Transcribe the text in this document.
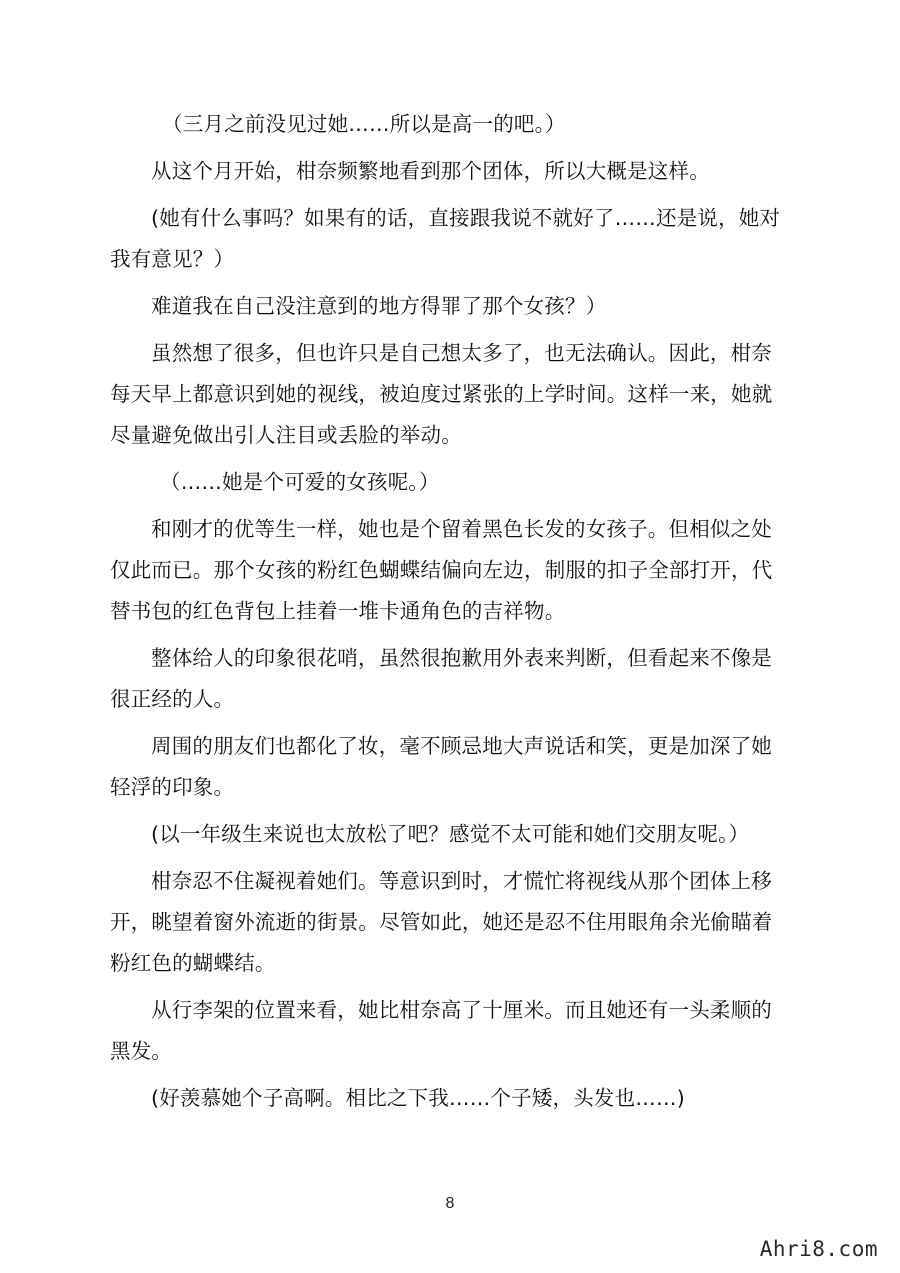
（三月之前没见过她……所以是高一的吧。）

从这个月开始，柑奈频繁地看到那个团体，所以大概是这样。

(她有什么事吗？如果有的话，直接跟我说不就好了……还是说，她对我有意见？）

难道我在自己没注意到的地方得罪了那个女孩？）

虽然想了很多，但也许只是自己想太多了，也无法确认。因此，柑奈每天早上都意识到她的视线，被迫度过紧张的上学时间。这样一来，她就尽量避免做出引人注目或丢脸的举动。

（……她是个可爱的女孩呢。）

和刚才的优等生一样，她也是个留着黑色长发的女孩子。但相似之处仅此而已。那个女孩的粉红色蝴蝶结偏向左边，制服的扣子全部打开，代替书包的红色背包上挂着一堆卡通角色的吉祥物。

整体给人的印象很花哨，虽然很抱歉用外表来判断，但看起来不像是很正经的人。

周围的朋友们也都化了妆，毫不顾忌地大声说话和笑，更是加深了她轻浮的印象。

(以一年级生来说也太放松了吧？感觉不太可能和她们交朋友呢。）

柑奈忍不住凝视着她们。等意识到时，才慌忙将视线从那个团体上移开，眺望着窗外流逝的街景。尽管如此，她还是忍不住用眼角余光偷瞄着粉红色的蝴蝶结。

从行李架的位置来看，她比柑奈高了十厘米。而且她还有一头柔顺的黑发。

(好羡慕她个子高啊。相比之下我……个子矮，头发也……)

8
Ahri8.com
